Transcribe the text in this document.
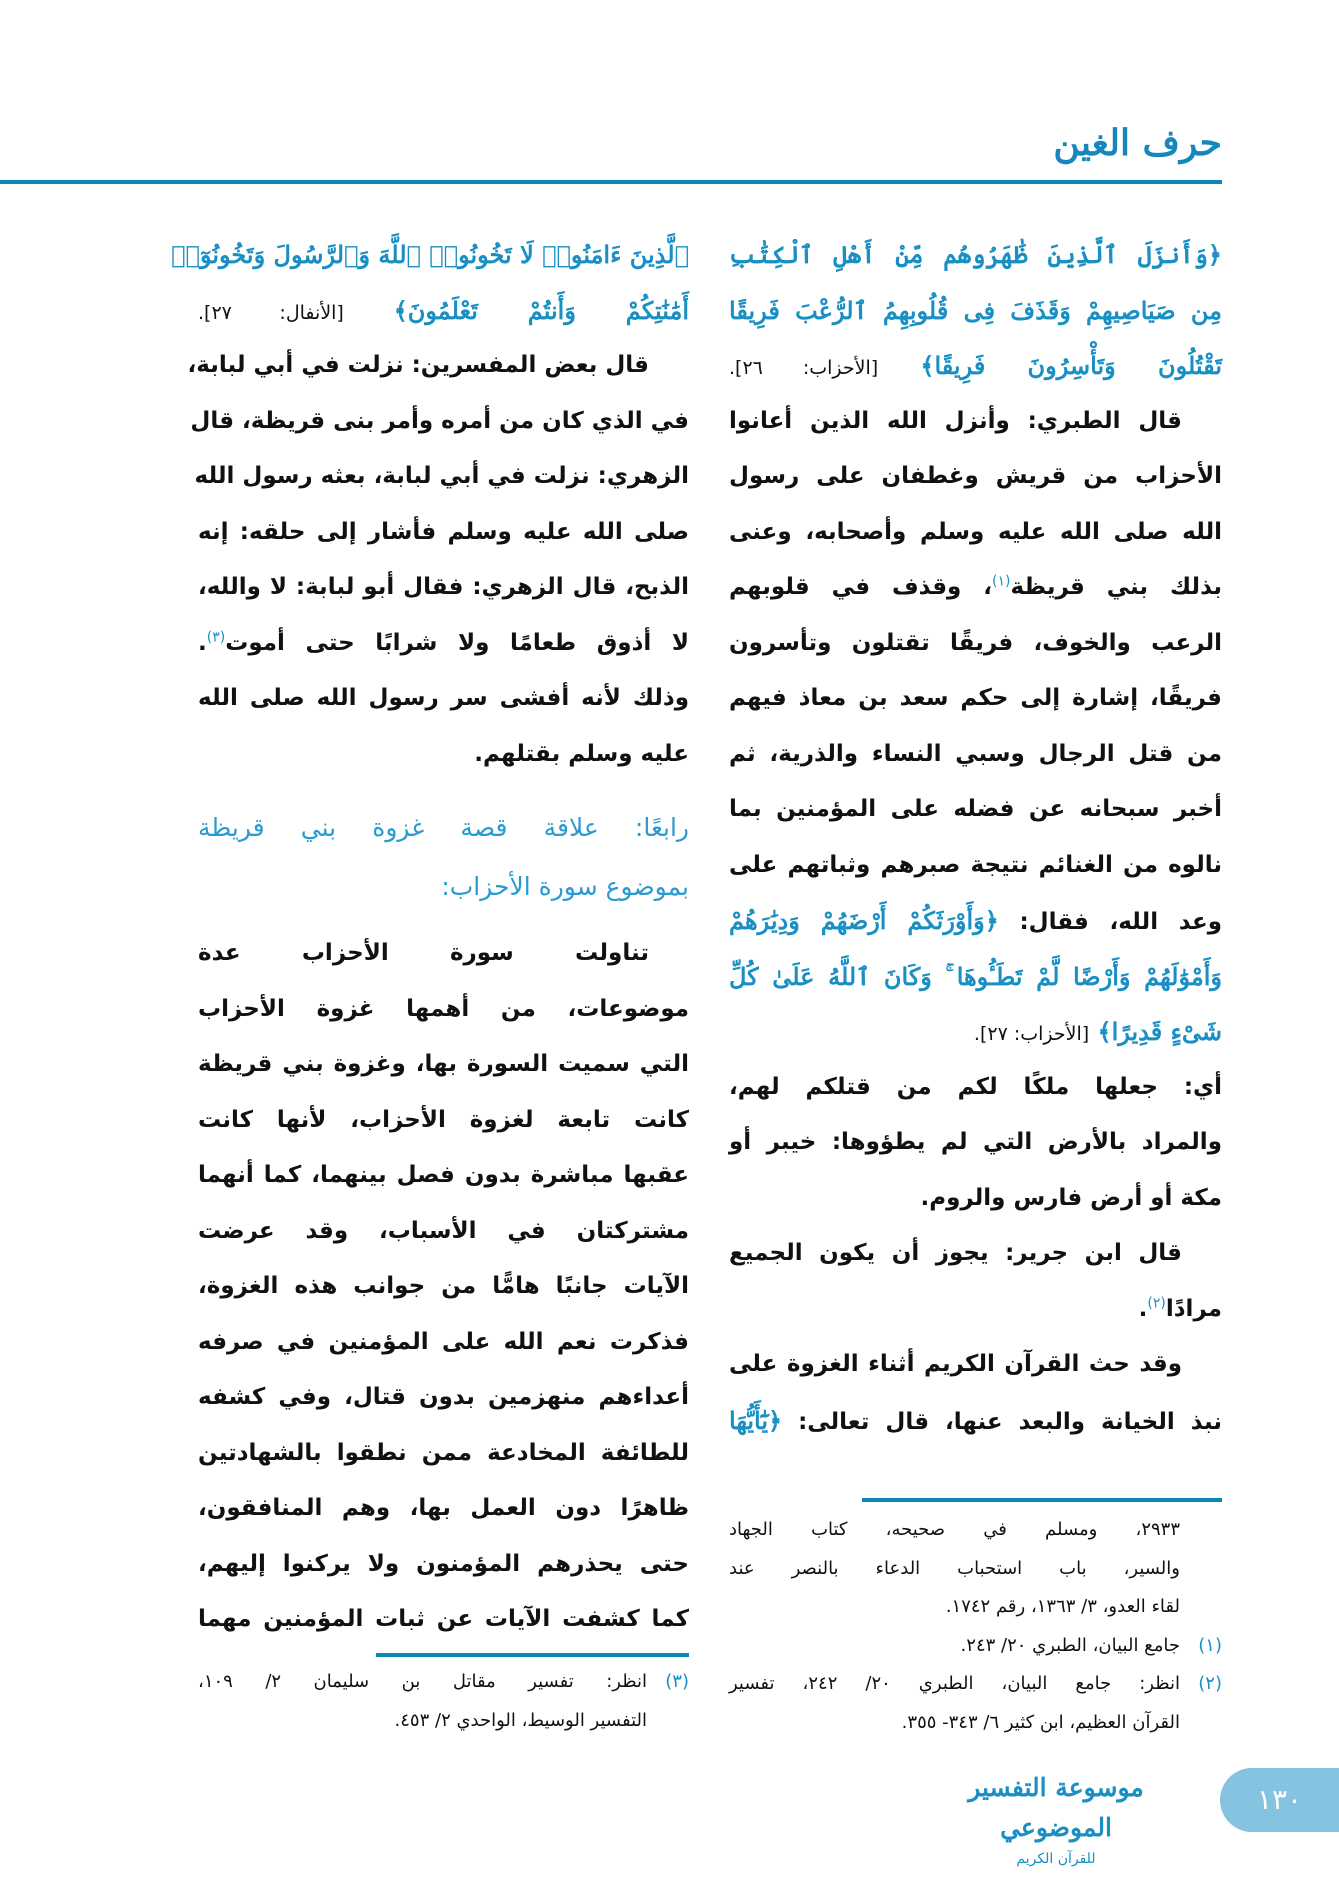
حرف الغين
﴿وَأَنزَلَ ٱلَّذِينَ ظَٰهَرُوهُم مِّنْ أَهْلِ ٱلْكِتَٰبِ
مِن صَيَاصِيهِمْ وَقَذَفَ فِى قُلُوبِهِمُ ٱلرُّعْبَ فَرِيقًا
تَقْتُلُونَ وَتَأْسِرُونَ فَرِيقًا﴾ [الأحزاب: ٢٦].
قال الطبري: وأنزل الله الذين أعانوا
الأحزاب من قريش وغطفان على رسول
الله صلى الله عليه وسلم وأصحابه، وعنى
بذلك بني قريظة$^{(١)}$، وقذف في قلوبهم
الرعب والخوف، فريقًا تقتلون وتأسرون
فريقًا، إشارة إلى حكم سعد بن معاذ فيهم
من قتل الرجال وسبي النساء والذرية، ثم
أخبر سبحانه عن فضله على المؤمنين بما
نالوه من الغنائم نتيجة صبرهم وثباتهم على
وعد الله، فقال: ﴿وَأَوْرَثَكُمْ أَرْضَهُمْ وَدِيَٰرَهُمْ
وَأَمْوَٰلَهُمْ وَأَرْضًا لَّمْ تَطَـُٔوهَا ۚ وَكَانَ ٱللَّهُ عَلَىٰ كُلِّ
شَىْءٍ قَدِيرًا﴾ [الأحزاب: ٢٧].
أي: جعلها ملكًا لكم من قتلكم لهم،
والمراد بالأرض التي لم يطؤوها: خيبر أو
مكة أو أرض فارس والروم.
قال ابن جرير: يجوز أن يكون الجميع
مرادًا$^{(٢)}$.
وقد حث القرآن الكريم أثناء الغزوة على
نبذ الخيانة والبعد عنها، قال تعالى: ﴿يَٰٓأَيُّهَا
ٱلَّذِينَ ءَامَنُوا۟ لَا تَخُونُوا۟ ٱللَّهَ وَٱلرَّسُولَ وَتَخُونُوٓا۟
أَمَٰنَٰتِكُمْ وَأَنتُمْ تَعْلَمُونَ﴾ [الأنفال: ٢٧].
قال بعض المفسرين: نزلت في أبي لبابة،
في الذي كان من أمره وأمر بنى قريظة، قال
الزهري: نزلت في أبي لبابة، بعثه رسول الله
صلى الله عليه وسلم فأشار إلى حلقه: إنه
الذبح، قال الزهري: فقال أبو لبابة: لا والله،
لا أذوق طعامًا ولا شرابًا حتى أموت$^{(٣)}$.
وذلك لأنه أفشى سر رسول الله صلى الله
عليه وسلم بقتلهم.
رابعًا: علاقة قصة غزوة بني قريظة
بموضوع سورة الأحزاب:
تناولت سورة الأحزاب عدة
موضوعات، من أهمها غزوة الأحزاب
التي سميت السورة بها، وغزوة بني قريظة
كانت تابعة لغزوة الأحزاب، لأنها كانت
عقبها مباشرة بدون فصل بينهما، كما أنهما
مشتركتان في الأسباب، وقد عرضت
الآيات جانبًا هامًّا من جوانب هذه الغزوة،
فذكرت نعم الله على المؤمنين في صرفه
أعداءهم منهزمين بدون قتال، وفي كشفه
للطائفة المخادعة ممن نطقوا بالشهادتين
ظاهرًا دون العمل بها، وهم المنافقون،
حتى يحذرهم المؤمنون ولا يركنوا إليهم،
كما كشفت الآيات عن ثبات المؤمنين مهما
٢٩٣٣، ومسلم في صحيحه، كتاب الجهاد
والسير، باب استحباب الدعاء بالنصر عند
لقاء العدو، ٣/ ١٣٦٣، رقم ١٧٤٢.
(١)
جامع البيان، الطبري ٢٠/ ٢٤٣.
(٢)
انظر: جامع البيان، الطبري ٢٠/ ٢٤٢، تفسير
القرآن العظيم، ابن كثير ٦/ ٣٤٣- ٣٥٥.
(٣)
انظر: تفسير مقاتل بن سليمان ٢/ ١٠٩،
التفسير الوسيط، الواحدي ٢/ ٤٥٣.
موسوعة التفسير الموضوعي
للقرآن الكريم
١٣٠
